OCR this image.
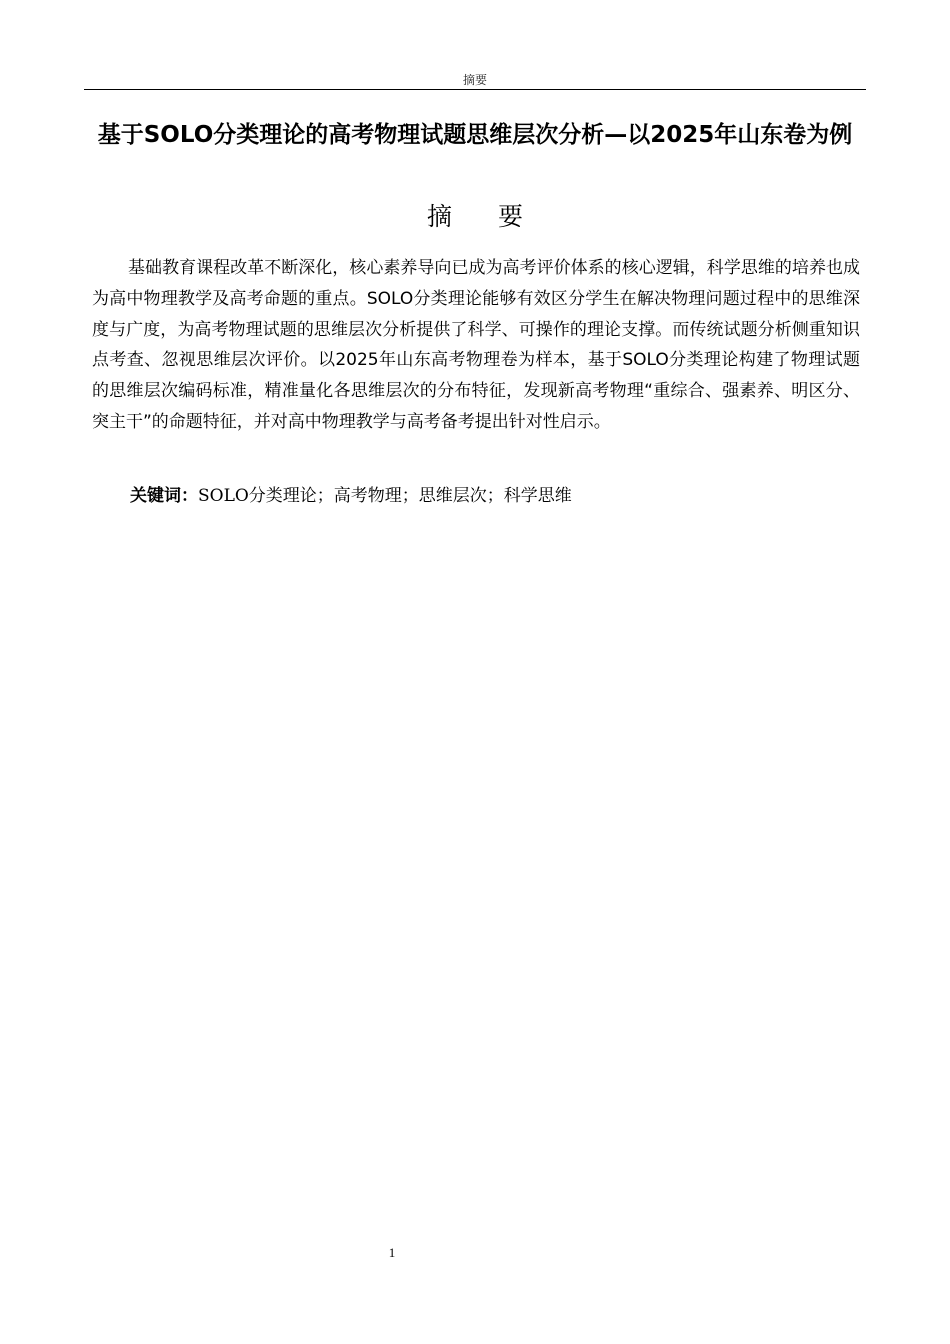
摘要
基于SOLO分类理论的高考物理试题思维层次分析—以2025年山东卷为例
摘 要

基础教育课程改革不断深化，核心素养导向已成为高考评价体系的核心逻辑，科学思维的培养也成为高中物理教学及高考命题的重点。SOLO分类理论能够有效区分学生在解决物理问题过程中的思维深度与广度，为高考物理试题的思维层次分析提供了科学、可操作的理论支撑。而传统试题分析侧重知识点考查、忽视思维层次评价。以2025年山东高考物理卷为样本，基于SOLO分类理论构建了物理试题的思维层次编码标准，精准量化各思维层次的分布特征，发现新高考物理“重综合、强素养、明区分、突主干”的命题特征，并对高中物理教学与高考备考提出针对性启示。

关键词：SOLO分类理论；高考物理；思维层次；科学思维
1
